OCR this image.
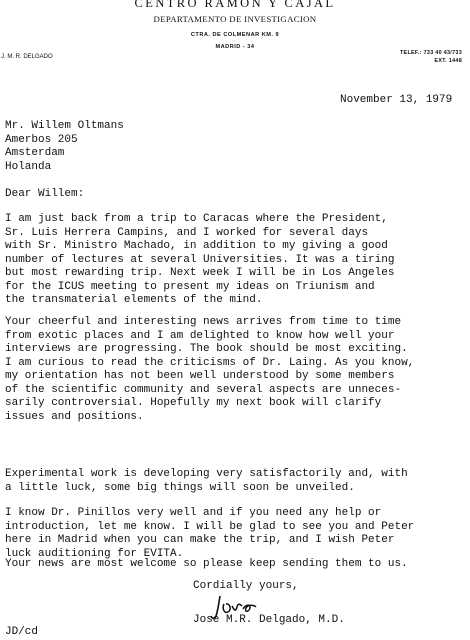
CENTRO RAMON Y CAJAL
DEPARTAMENTO DE INVESTIGACION
CTRA. DE COLMENAR KM. 9
MADRID - 34
J. M. R. DELGADO
TELEF.: 733 40 43/733
EXT. 1448
November 13, 1979
Mr. Willem Oltmans
Amerbos 205
Amsterdam
Holanda
Dear Willem:
I am just back from a trip to Caracas where the President,
Sr. Luis Herrera Campins, and I worked for several days
with Sr. Ministro Machado, in addition to my giving a good
number of lectures at several Universities. It was a tiring
but most rewarding trip. Next week I will be in Los Angeles
for the ICUS meeting to present my ideas on Triunism and
the transmaterial elements of the mind.
Your cheerful and interesting news arrives from time to time
from exotic places and I am delighted to know how well your
interviews are progressing. The book should be most exciting.
I am curious to read the criticisms of Dr. Laing. As you know,
my orientation has not been well understood by some members
of the scientific community and several aspects are unneces-
sarily controversial. Hopefully my next book will clarify
issues and positions.
Experimental work is developing very satisfactorily and, with
a little luck, some big things will soon be unveiled.
I know Dr. Pinillos very well and if you need any help or
introduction, let me know. I will be glad to see you and Peter
here in Madrid when you can make the trip, and I wish Peter
luck auditioning for EVITA.
Your news are most welcome so please keep sending them to us.
Cordially yours,
José M.R. Delgado, M.D.
JD/cd
